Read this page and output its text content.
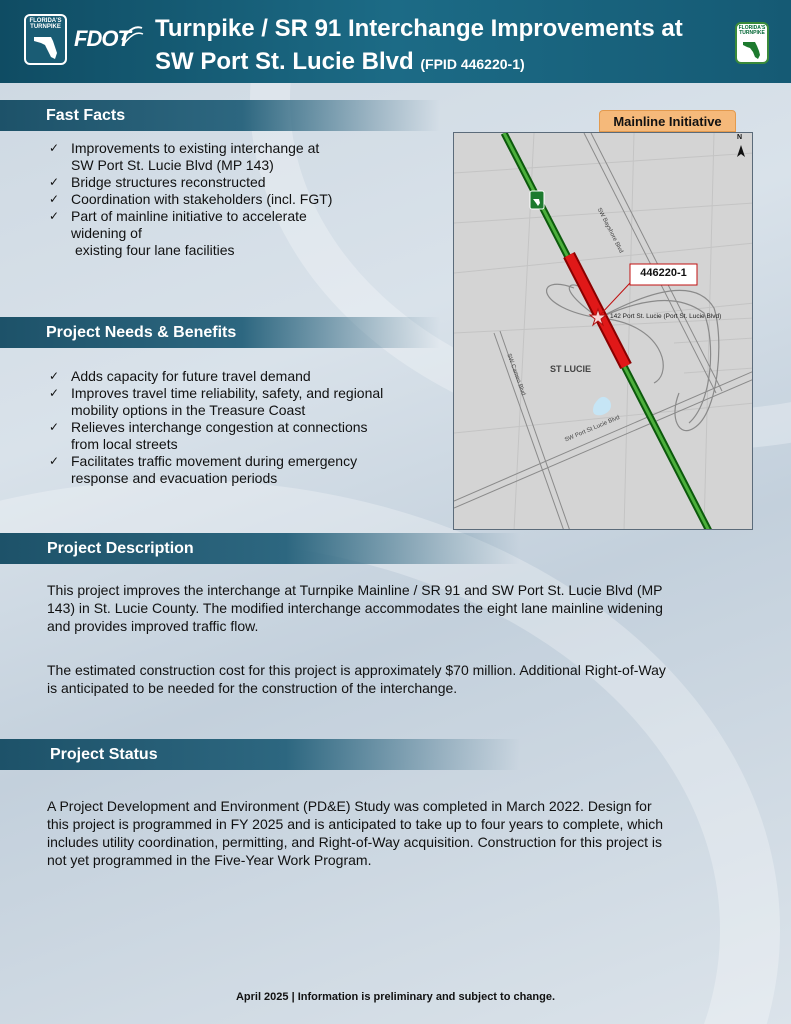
FLORIDA'S TURNPIKE FDOT Turnpike / SR 91 Interchange Improvements at
SW Port St. Lucie Blvd (FPID 446220-1)
FLORIDA'S TURNPIKE
Fast Facts
✓ Improvements to existing interchange at
SW Port St. Lucie Blvd (MP 143)
✓ Bridge structures reconstructed
✓ Coordination with stakeholders (incl. FGT)
✓ Part of mainline initiative to accelerate
widening of
existing four lane facilities
Project Needs & Benefits
✓ Adds capacity for future travel demand
✓ Improves travel time reliability, safety, and regional
mobility options in the Treasure Coast
✓ Relieves interchange congestion at connections
from local streets
✓ Facilitates traffic movement during emergency
response and evacuation periods
Mainline Initiative
446220-1
N
142 Port St. Lucie (Port St. Lucie Blvd)
ST LUCIE
SW Bayshore Blvd
SW Cameo Blvd
SW Port St Lucie Blvd
Project Description
This project improves the interchange at Turnpike Mainline / SR 91 and SW Port St. Lucie Blvd (MP
143) in St. Lucie County. The modified interchange accommodates the eight lane mainline widening
and provides improved traffic flow.
The estimated construction cost for this project is approximately $70 million. Additional Right-of-Way
is anticipated to be needed for the construction of the interchange.
Project Status
A Project Development and Environment (PD&E) Study was completed in March 2022. Design for
this project is programmed in FY 2025 and is anticipated to take up to four years to complete, which
includes utility coordination, permitting, and Right-of-Way acquisition. Construction for this project is
not yet programmed in the Five-Year Work Program.
April 2025 | Information is preliminary and subject to change.
